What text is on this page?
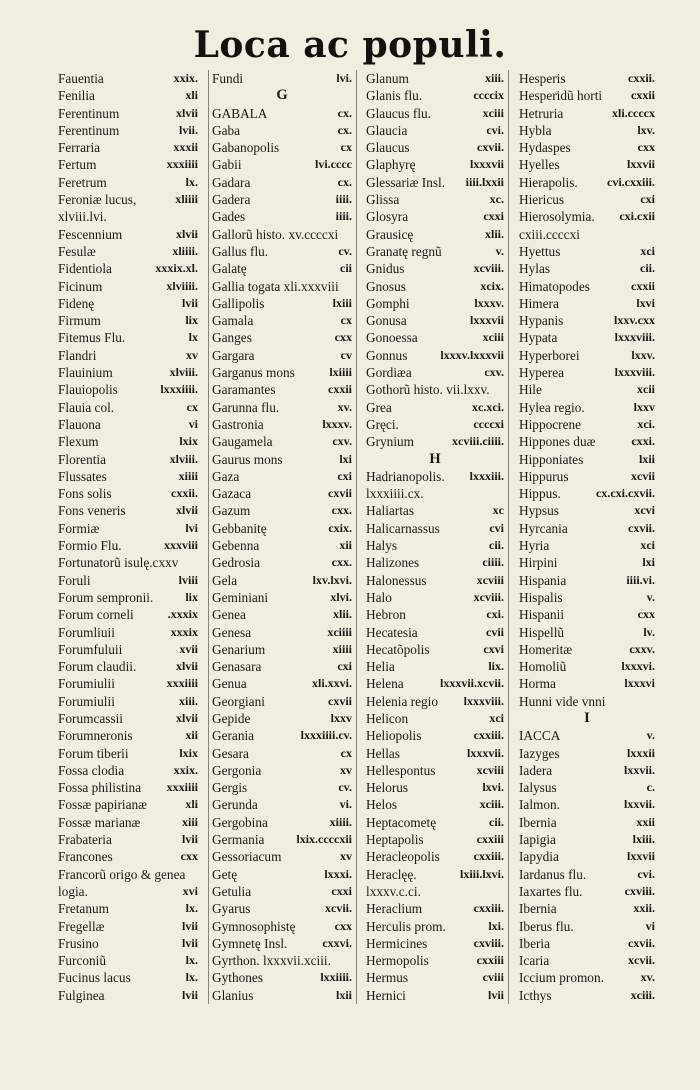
Loca ac populi.
Fauentia	xxix.
Fenilia	xli
Ferentinum	xlvii
Ferentinum	lvii.
Ferraria	xxxii
Fertum	xxxiiii
Feretrum	lx.
Feroniæ lucus,	xliiii
xlviii.lvi.
Fescennium	xlvii
Fesulæ	xliiii.
Fidentiola	xxxix.xl.
Ficinum	xlviiii.
Fidenę	lvii
Firmum	lix
Fitemus Flu.	lx
Flandri	xv
Flauinium	xlviii.
Flauiopolis	lxxxiiii.
Flauia col.	cx
Flauona	vi
Flexum	lxix
Florentia	xlviii.
Flussates	xiiii
Fons solis	cxxii.
Fons veneris	xlvii
Formiæ	lvi
Formio Flu.	xxxviii
Fortunatorũ isulę.cxxv
Foruli	lviii
Forum sempronii.	lix
Forum corneli	.xxxix
Forumliuii	xxxix
Forumfuluii	xvii
Forum claudii.	xlvii
Forumiulii	xxxiiii
Forumiulii	xiii.
Forumcassii	xlvii
Forumneronis	xii
Forum tiberii	lxix
Fossa clodia	xxix.
Fossa philistina xxxiiii
Fossæ papirianæ	xli
Fossæ marianæ	xiii
Frabateria	lvii
Francones	cxx
Francorũ origo & genea
logia.	xvi
Fretanum	lx.
Fregellæ	lvii
Frusino	lvii
Furconiũ	lx.
Fucinus lacus	lx.
Fulginea	lvii
Fundi	lvi.
G
GABALA	cx.
Gaba	cx.
Gabanopolis	cx
Gabii	lvi.cccc
Gadara	cx.
Gadera	iiii.
Gades	iiii.
Gallorũ histo. xv.ccccxi
Gallus flu.	cv.
Galatę	cii
Gallia togata xli.xxxviii
Gallipolis	lxiii
Gamala	cx
Ganges	cxx
Gargara	cv
Garganus mons	lxiiii
Garamantes	cxxii
Garunna flu.	xv.
Gastronia	lxxxv.
Gaugamela	cxv.
Gaurus mons	lxi
Gaza	cxi
Gazaca	cxvii
Gazum	cxx.
Gebbanitę	cxix.
Gebenna	xii
Gedrosia	cxx.
Gela	lxv.lxvi.
Geminiani	xlvi.
Genea	xlii.
Genesa	xciiii
Genarium	xiiii
Genasara	cxi
Genua	xli.xxvi.
Georgiani	cxvii
Gepide	lxxv
Gerania	lxxxiiii.cv.
Gesara	cx
Gergonia	xv
Gergis	cv.
Gerunda	vi.
Gergobina	xiiii.
Germania	lxix.ccccxii
Gessoriacum	xv
Getę	lxxxi.
Getulia	cxxi
Gyarus	xcvii.
Gymnosophistę	cxx
Gymnetę Insl.	cxxvi.
Gyrthon. lxxxvii.xciii.
Gythones	lxxiiii.
Glanius	lxii
Glanum	xiii.
Glanis flu.	ccccix
Glaucus flu.	xciii
Glaucia	cvi.
Glaucus	cxvii.
Glaphyrę	lxxxvii
Glessariæ Insl. iiii.lxxii
Glissa	xc.
Glosyra	cxxi
Grausicę	xlii.
Granatę regnũ	v.
Gnidus	xcviii.
Gnosus	xcix.
Gomphi	lxxxv.
Gonusa	lxxxvii
Gonoessa	xciii
Gonnus	lxxxv.lxxxvii
Gordiæa	cxv.
Gothorũ histo. vii.lxxv.
Grea	xc.xci.
Gręci.	ccccxi
Grynium	xcviii.ciiii.
H
Hadrianopolis. lxxxiii.
lxxxiiii.cx.
Haliartas	xc
Halicarnassus	cvi
Halys	cii.
Halizones	ciiii.
Halonessus	xcviii
Halo	xcviii.
Hebron	cxi.
Hecatesia	cvii
Hecatõpolis	cxvi
Helia	lix.
Helena	lxxxvii.xcvii.
Helenia regio lxxxviii.
Helicon	xci
Heliopolis	cxxiii.
Hellas	lxxxvii.
Hellespontus	xcviii
Helorus	lxvi.
Helos	xciii.
Heptacometę	cii.
Heptapolis	cxxiii
Heracleopolis	cxxiii.
Heraclęę.	lxiii.lxvi.
lxxxv.c.ci.
Heraclium	cxxiii.
Herculis prom.	lxi.
Hermicines	cxviii.
Hermopolis	cxxiii
Hermus	cviii
Hernici	lvii
Hesperis	cxxii.
Hesperidũ horti cxxii
Hetruria	xli.ccccx
Hybla	lxv.
Hydaspes	cxx
Hyelles	lxxvii
Hierapolis. cvi.cxxiii.
Hiericus	cxi
Hierosolymia. cxi.cxii
cxiii.ccccxi
Hyettus	xci
Hylas	cii.
Himatopodes	cxxii
Himera	lxvi
Hypanis	lxxv.cxx
Hypata	lxxxviii.
Hyperborei	lxxv.
Hyperea	lxxxviii.
Hile	xcii
Hylea regio.	lxxv
Hippocrene	xci.
Hippones duæ	cxxi.
Hipponiates	lxii
Hippurus	xcvii
Hippus.	cx.cxi.cxvii.
Hypsus	xcvi
Hyrcania	cxvii.
Hyria	xci
Hirpini	lxi
Hispania	iiii.vi.
Hispalis	v.
Hispanii	cxx
Hispellũ	lv.
Homeritæ	cxxv.
Homoliũ	lxxxvi.
Horma	lxxxvi
Hunni vide vnni
I
IACCA	v.
Iazyges	lxxxii
Iadera	lxxvii.
Ialysus	c.
Ialmon.	lxxvii.
Ibernia	xxii
Iapigia	lxiii.
Iapydia	lxxvii
Iardanus flu.	cvi.
Iaxartes flu.	cxviii.
Ibernia	xxii.
Iberus flu.	vi
Iberia	cxvii.
Icaria	xcvii.
Iccium promon.	xv.
Icthys	xciii.
